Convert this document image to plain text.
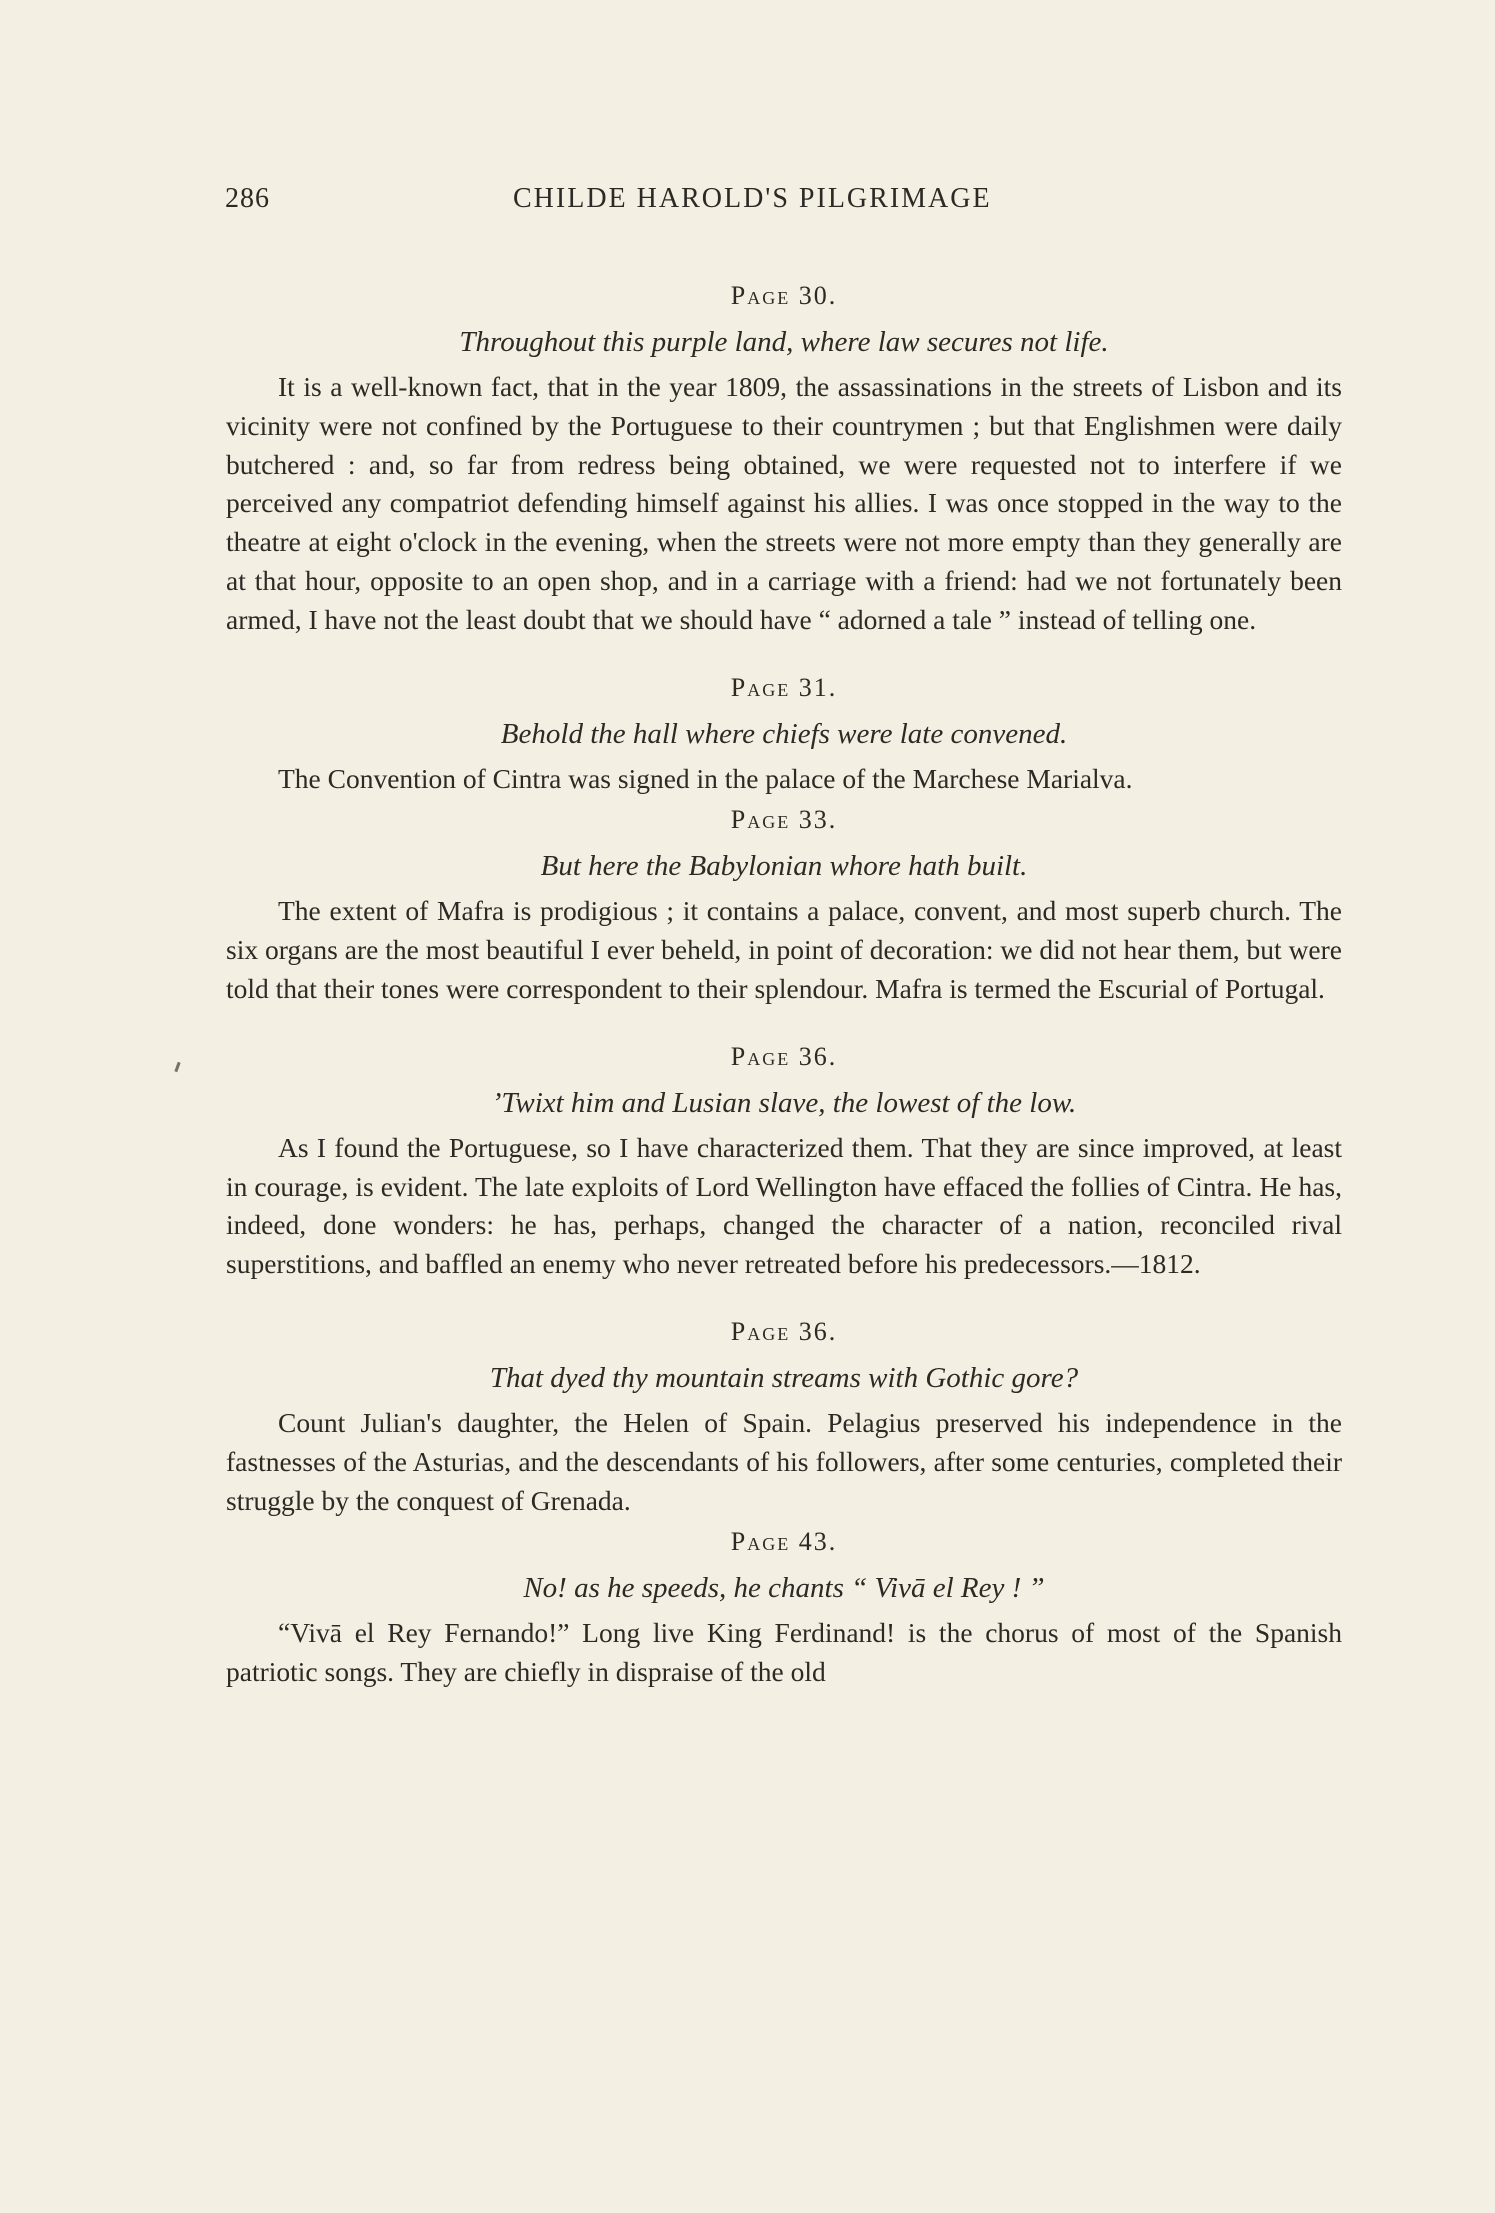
286	CHILDE HAROLD'S PILGRIMAGE

Page 30.

Throughout this purple land, where law secures not life.

It is a well-known fact, that in the year 1809, the assassinations in the streets of Lisbon and its vicinity were not confined by the Portuguese to their countrymen ; but that Englishmen were daily butchered : and, so far from redress being obtained, we were requested not to interfere if we perceived any compatriot defending himself against his allies. I was once stopped in the way to the theatre at eight o'clock in the evening, when the streets were not more empty than they generally are at that hour, opposite to an open shop, and in a carriage with a friend: had we not fortunately been armed, I have not the least doubt that we should have “ adorned a tale ” instead of telling one.

Page 31.

Behold the hall where chiefs were late convened.

The Convention of Cintra was signed in the palace of the Marchese Marialva.

Page 33.

But here the Babylonian whore hath built.

The extent of Mafra is prodigious ; it contains a palace, convent, and most superb church. The six organs are the most beautiful I ever beheld, in point of decoration: we did not hear them, but were told that their tones were correspondent to their splendour. Mafra is termed the Escurial of Portugal.

Page 36.

’Twixt him and Lusian slave, the lowest of the low.

As I found the Portuguese, so I have characterized them. That they are since improved, at least in courage, is evident. The late exploits of Lord Wellington have effaced the follies of Cintra. He has, indeed, done wonders: he has, perhaps, changed the character of a nation, reconciled rival superstitions, and baffled an enemy who never retreated before his predecessors.—1812.

Page 36.

That dyed thy mountain streams with Gothic gore?

Count Julian's daughter, the Helen of Spain. Pelagius preserved his independence in the fastnesses of the Asturias, and the descendants of his followers, after some centuries, completed their struggle by the conquest of Grenada.

Page 43.

No! as he speeds, he chants “ Vivā el Rey ! ”

“Vivā el Rey Fernando!” Long live King Ferdinand! is the chorus of most of the Spanish patriotic songs. They are chiefly in dispraise of the old
